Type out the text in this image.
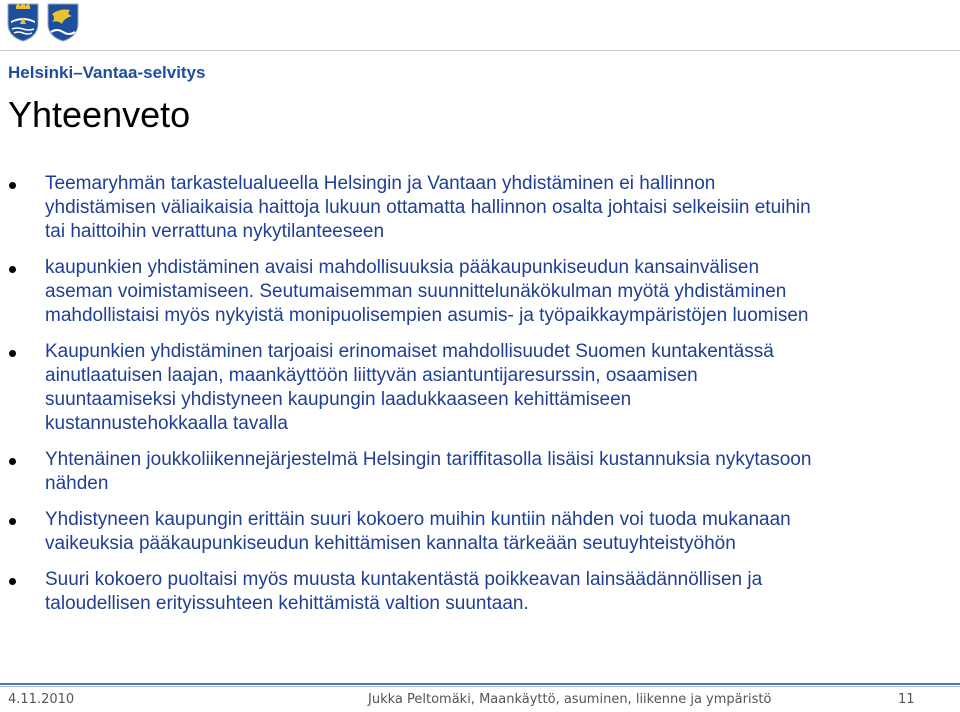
Helsinki–Vantaa-selvitys
Yhteenveto
Teemaryhmän tarkastelualueella Helsingin ja Vantaan yhdistäminen ei hallinnon
yhdistämisen väliaikaisia haittoja lukuun ottamatta hallinnon osalta johtaisi selkeisiin etuihin
tai haittoihin verrattuna nykytilanteeseen
kaupunkien yhdistäminen avaisi mahdollisuuksia pääkaupunkiseudun kansainvälisen
aseman voimistamiseen. Seutumaisemman suunnittelunäkökulman myötä yhdistäminen
mahdollistaisi myös nykyistä monipuolisempien asumis- ja työpaikkaympäristöjen luomisen
Kaupunkien yhdistäminen tarjoaisi erinomaiset mahdollisuudet Suomen kuntakentässä
ainutlaatuisen laajan, maankäyttöön liittyvän asiantuntijaresurssin, osaamisen
suuntaamiseksi yhdistyneen kaupungin laadukkaaseen kehittämiseen
kustannustehokkaalla tavalla
Yhtenäinen joukkoliikennejärjestelmä Helsingin tariffitasolla lisäisi kustannuksia nykytasoon
nähden
Yhdistyneen kaupungin erittäin suuri kokoero muihin kuntiin nähden voi tuoda mukanaan
vaikeuksia pääkaupunkiseudun kehittämisen kannalta tärkeään seutuyhteistyöhön
Suuri kokoero puoltaisi myös muusta kuntakentästä poikkeavan lainsäädännöllisen ja
taloudellisen erityissuhteen kehittämistä valtion suuntaan.
4.11.2010	Jukka Peltomäki, Maankäyttö, asuminen, liikenne ja ympäristö	11
